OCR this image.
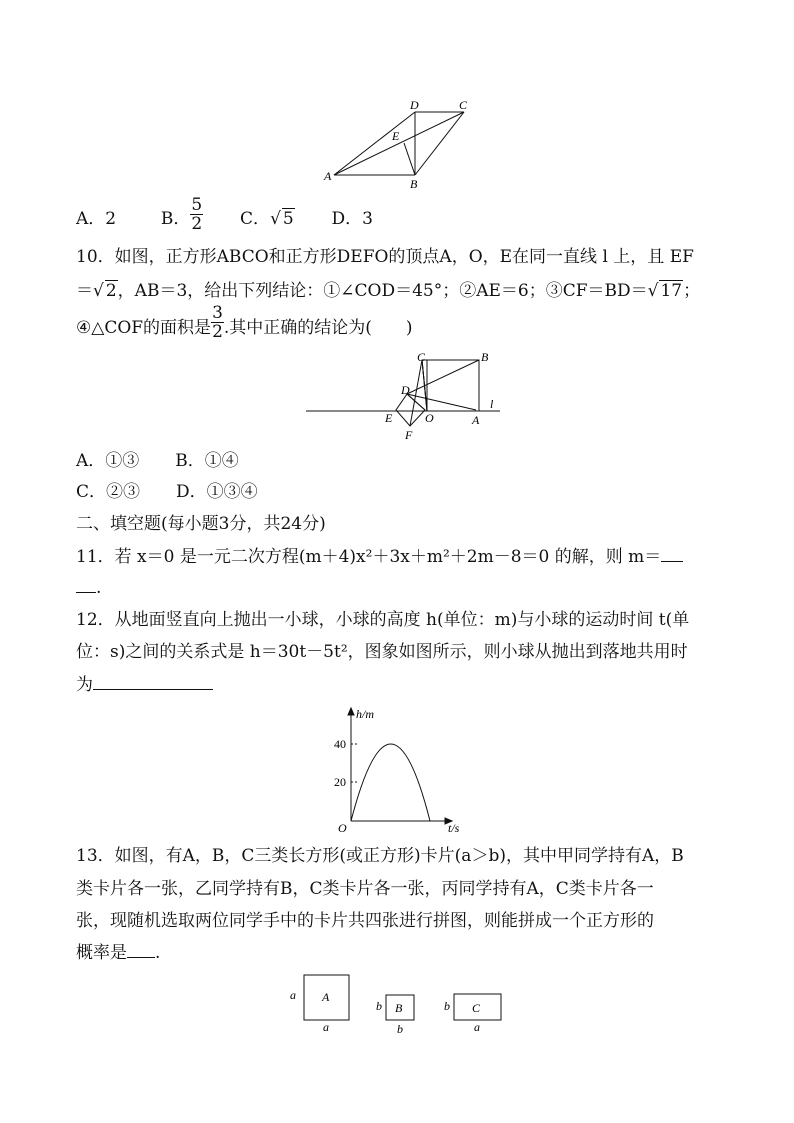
D	C
E
A
B
A．2	B． $\frac{5}{2}$ C．√ 5 D．3
10．如图，正方形ABCO和正方形DEFO的顶点A，O，E在同一直线 l 上，且 EF
＝√ 2，AB＝3，给出下列结论：①∠COD＝45°；②AE＝6；③CF＝BD＝√ 17；
④△COF的面积是 $\frac{3}{2}$ .其中正确的结论为(　　)
C	B
D
l
E	O	A
F
A．①③ B．①④
C．②③ D．①③④
二、填空题(每小题3分，共24分)
11．若 x＝0 是一元二次方程(m＋4)x²＋3x＋m²＋2m－8＝0 的解，则 m＝
.
12．从地面竖直向上抛出一小球，小球的高度 h(单位：m)与小球的运动时间 t(单
位：s)之间的关系式是 h＝30t－5t²，图象如图所示，则小球从抛出到落地共用时
为
h/m
40
20
O	t/s
13．如图，有A，B，C三类长方形(或正方形)卡片(a＞b)，其中甲同学持有A，B
类卡片各一张，乙同学持有B，C类卡片各一张，丙同学持有A，C类卡片各一
张，现随机选取两位同学手中的卡片共四张进行拼图，则能拼成一个正方形的
概率是 .
a A
a
b B
b
b C
a
